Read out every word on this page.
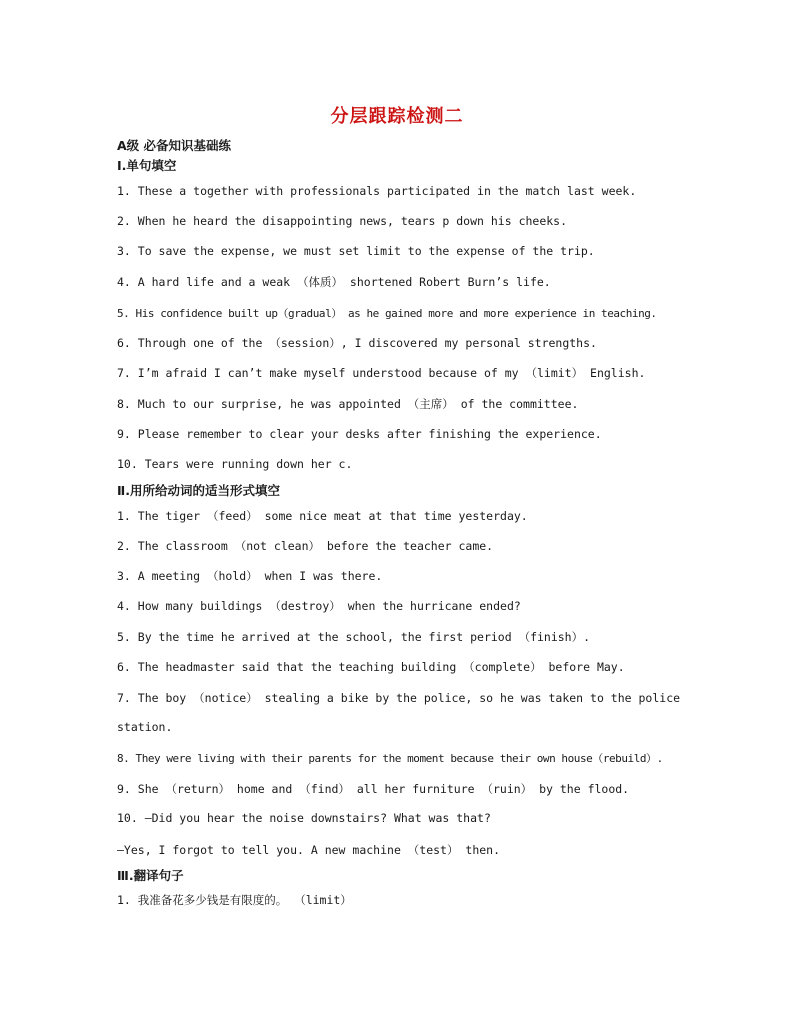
分层跟踪检测二
A级 必备知识基础练
Ⅰ.单句填空
1. These a together with professionals participated in the match last week.
2. When he heard the disappointing news, tears p down his cheeks.
3. To save the expense, we must set limit to the expense of the trip.
4. A hard life and a weak （体质） shortened Robert Burn’s life.
5. His confidence built up（gradual） as he gained more and more experience in teaching.
6. Through one of the （session）, I discovered my personal strengths.
7. I’m afraid I can’t make myself understood because of my （limit） English.
8. Much to our surprise, he was appointed （主席） of the committee.
9. Please remember to clear your desks after finishing the experience.
10. Tears were running down her c.
Ⅱ.用所给动词的适当形式填空
1. The tiger （feed） some nice meat at that time yesterday.
2. The classroom （not clean） before the teacher came.
3. A meeting （hold） when I was there.
4. How many buildings （destroy） when the hurricane ended?
5. By the time he arrived at the school, the first period （finish）.
6. The headmaster said that the teaching building （complete） before May.
7. The boy （notice） stealing a bike by the police, so he was taken to the police
station.
8. They were living with their parents for the moment because their own house（rebuild）.
9. She （return） home and （find） all her furniture （ruin） by the flood.
10. —Did you hear the noise downstairs? What was that?
—Yes, I forgot to tell you. A new machine （test） then.
Ⅲ.翻译句子
1. 我准备花多少钱是有限度的。 （limit）
